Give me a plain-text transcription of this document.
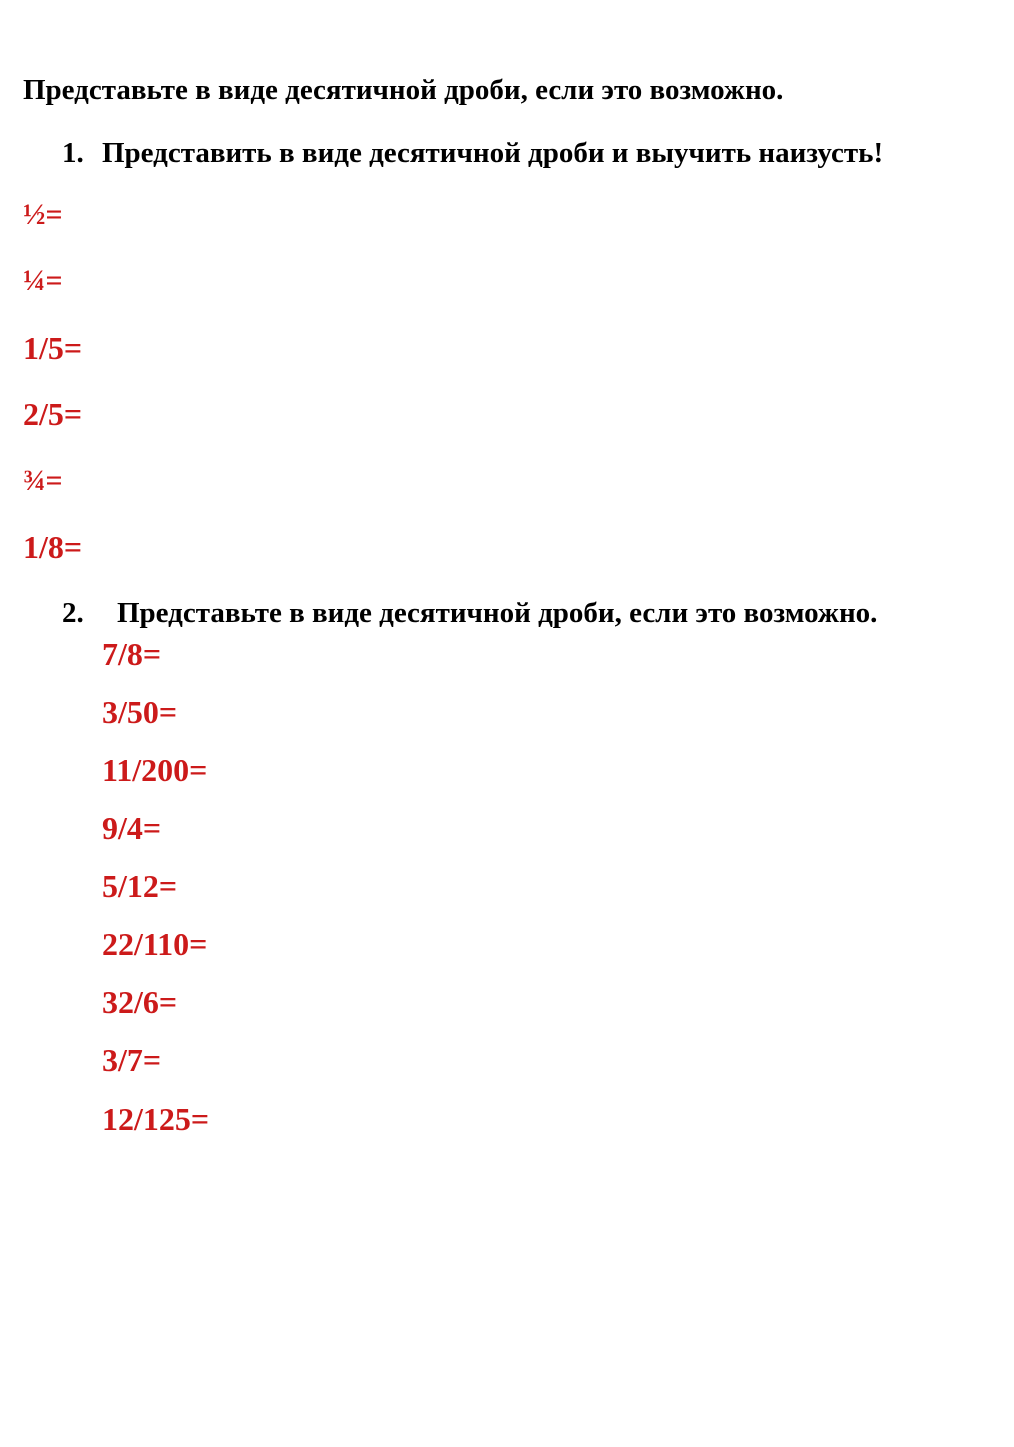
Представьте в виде десятичной дроби, если это возможно.
1. Представить в виде десятичной дроби и выучить наизусть!
½=
¼=
1/5=
2/5=
¾=
1/8=
2. Представьте в виде десятичной дроби, если это возможно.
7/8=
3/50=
11/200=
9/4=
5/12=
22/110=
32/6=
3/7=
12/125=
